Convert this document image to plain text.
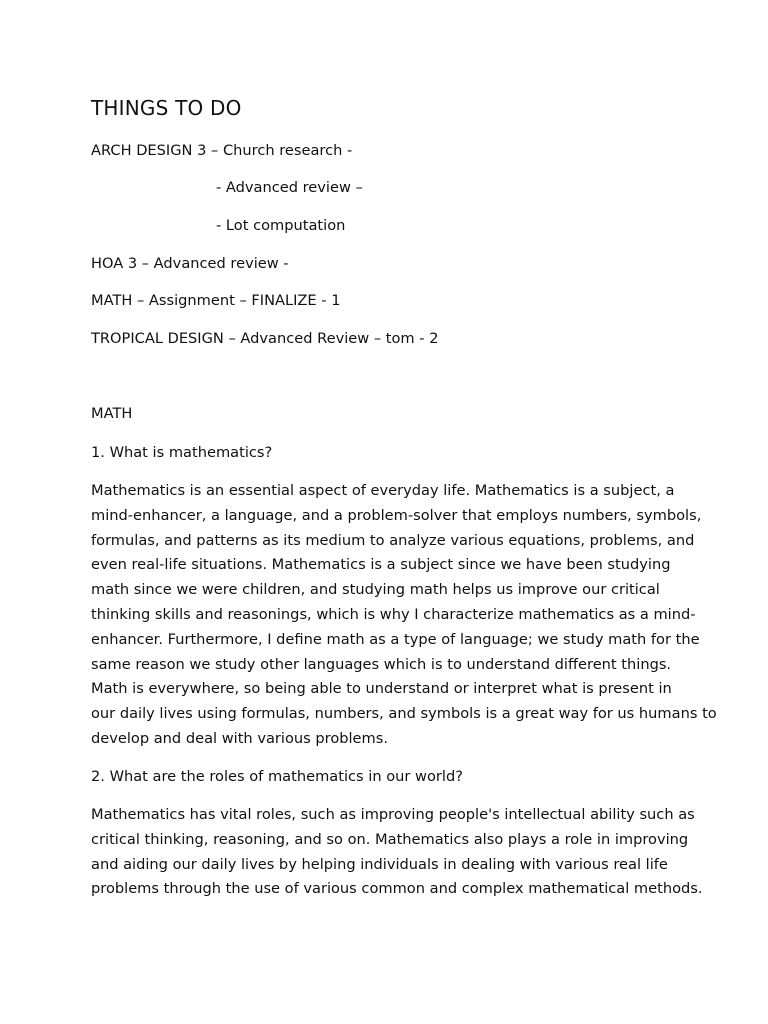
THINGS TO DO
ARCH DESIGN 3 – Church research -
- Advanced review –
- Lot computation
HOA 3 – Advanced review -
MATH – Assignment – FINALIZE - 1
TROPICAL DESIGN – Advanced Review – tom - 2
MATH
1. What is mathematics?
Mathematics is an essential aspect of everyday life. Mathematics is a subject, a
mind-enhancer, a language, and a problem-solver that employs numbers, symbols,
formulas, and patterns as its medium to analyze various equations, problems, and
even real-life situations. Mathematics is a subject since we have been studying
math since we were children, and studying math helps us improve our critical
thinking skills and reasonings, which is why I characterize mathematics as a mind-
enhancer. Furthermore, I define math as a type of language; we study math for the
same reason we study other languages which is to understand different things.
Math is everywhere, so being able to understand or interpret what is present in
our daily lives using formulas, numbers, and symbols is a great way for us humans to
develop and deal with various problems.
2. What are the roles of mathematics in our world?
Mathematics has vital roles, such as improving people's intellectual ability such as
critical thinking, reasoning, and so on. Mathematics also plays a role in improving
and aiding our daily lives by helping individuals in dealing with various real life
problems through the use of various common and complex mathematical methods.
